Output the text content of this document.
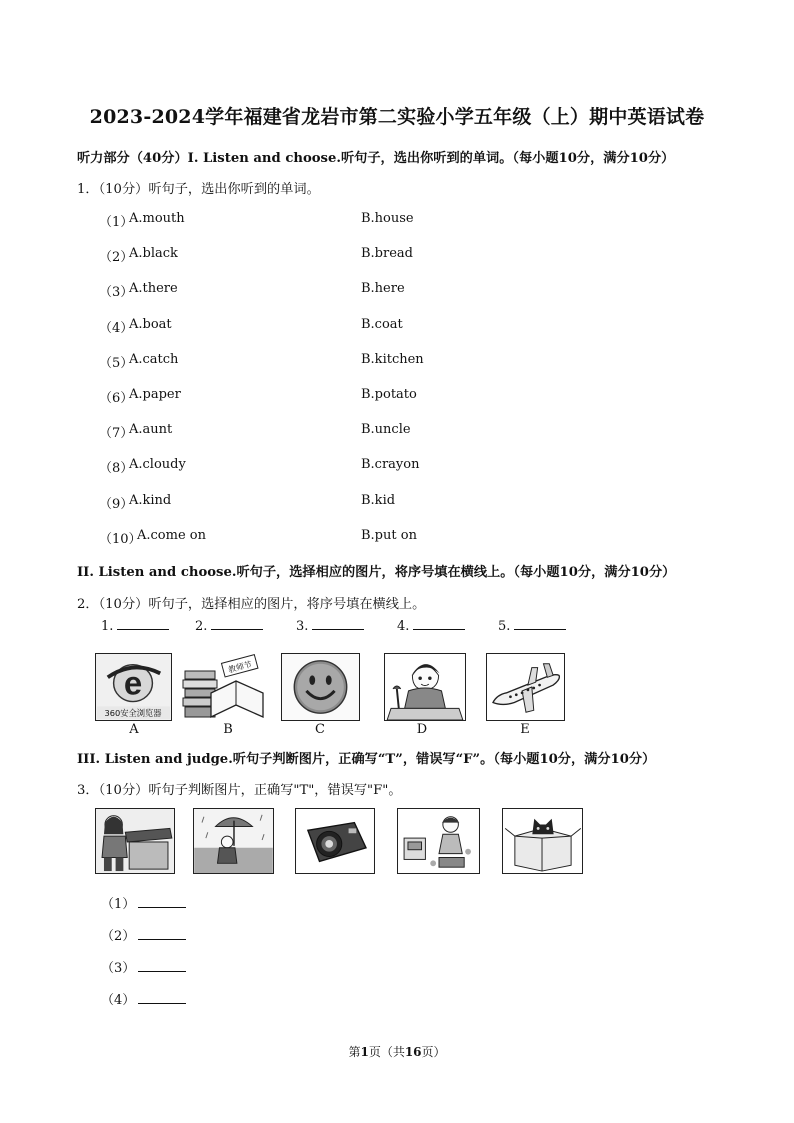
2023-2024学年福建省龙岩市第二实验小学五年级（上）期中英语试卷
听力部分（40分）I. Listen and choose.听句子，选出你听到的单词。（每小题10分，满分10分）
1．（10分）听句子，选出你听到的单词。
（1）
A.mouth	B.house
（2）
A.black	B.bread
（3）
A.there	B.here
（4）
A.boat	B.coat
（5）
A.catch	B.kitchen
（6）
A.paper	B.potato
（7）
A.aunt	B.uncle
（8）
A.cloudy	B.crayon
（9）
A.kind	B.kid
（10）
A.come on	B.put on
II. Listen and choose.听句子，选择相应的图片，将序号填在横线上。（每小题10分，满分10分）
2．（10分）听句子，选择相应的图片，将序号填在横线上。
1.	2.	3.	4.	5.
e
360安全浏览器
A
教师节
B	C	D	E
III. Listen and judge.听句子判断图片，正确写“T”，错误写“F”。（每小题10分，满分10分）
3．（10分）听句子判断图片，正确写"T"，错误写"F"。
（1）
（2）
（3）
（4）
第1页（共16页）
